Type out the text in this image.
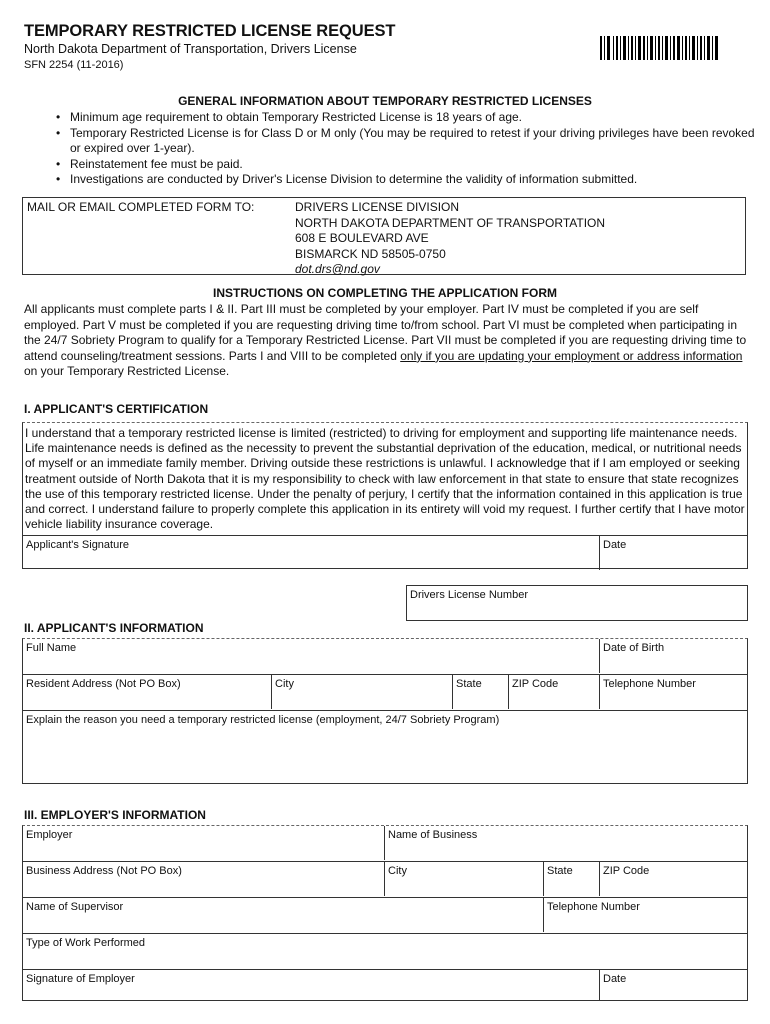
TEMPORARY RESTRICTED LICENSE REQUEST
North Dakota Department of Transportation, Drivers License
SFN 2254 (11-2016)
GENERAL INFORMATION ABOUT TEMPORARY RESTRICTED LICENSES
• Minimum age requirement to obtain Temporary Restricted License is 18 years of age.
• Temporary Restricted License is for Class D or M only (You may be required to retest if your driving privileges have been revoked or expired over 1-year).
• Reinstatement fee must be paid.
• Investigations are conducted by Driver's License Division to determine the validity of information submitted.
MAIL OR EMAIL COMPLETED FORM TO:	DRIVERS LICENSE DIVISION
NORTH DAKOTA DEPARTMENT OF TRANSPORTATION
608 E BOULEVARD AVE
BISMARCK ND 58505-0750
dot.drs@nd.gov
INSTRUCTIONS ON COMPLETING THE APPLICATION FORM
All applicants must complete parts I & II. Part III must be completed by your employer. Part IV must be completed if you are self employed. Part V must be completed if you are requesting driving time to/from school. Part VI must be completed when participating in the 24/7 Sobriety Program to qualify for a Temporary Restricted License. Part VII must be completed if you are requesting driving time to attend counseling/treatment sessions. Parts I and VIII to be completed only if you are updating your employment or address information on your Temporary Restricted License.
I. APPLICANT'S CERTIFICATION
I understand that a temporary restricted license is limited (restricted) to driving for employment and supporting life maintenance needs. Life maintenance needs is defined as the necessity to prevent the substantial deprivation of the education, medical, or nutritional needs of myself or an immediate family member. Driving outside these restrictions is unlawful. I acknowledge that if I am employed or seeking treatment outside of North Dakota that it is my responsibility to check with law enforcement in that state to ensure that state recognizes the use of this temporary restricted license. Under the penalty of perjury, I certify that the information contained in this application is true and correct. I understand failure to properly complete this application in its entirety will void my request. I further certify that I have motor vehicle liability insurance coverage.
Applicant's Signature	Date
Drivers License Number
II. APPLICANT'S INFORMATION
Full Name	Date of Birth
Resident Address (Not PO Box)	City	State	ZIP Code	Telephone Number
Explain the reason you need a temporary restricted license (employment, 24/7 Sobriety Program)
III. EMPLOYER'S INFORMATION
Employer	Name of Business
Business Address (Not PO Box)	City	State	ZIP Code
Name of Supervisor	Telephone Number
Type of Work Performed
Signature of Employer	Date
